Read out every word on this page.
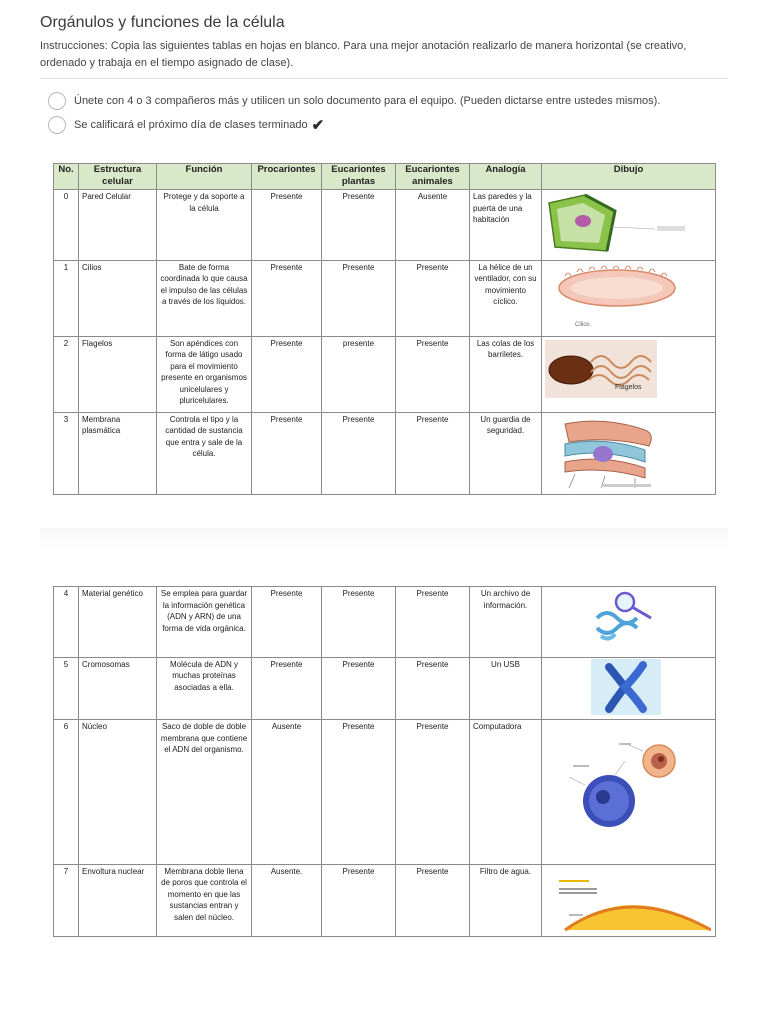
Orgánulos y funciones de la célula
Instrucciones: Copia las siguientes tablas en hojas en blanco. Para una mejor anotación realizarlo de manera horizontal (se creativo, ordenado y trabaja en el tiempo asignado de clase).
Únete con 4 o 3 compañeros más y utilicen un solo documento para el equipo. (Pueden dictarse entre ustedes mismos).
Se calificará el próximo día de clases terminado ✔
No.	Estructura celular	Función	Procariontes	Eucariontes plantas	Eucariontes animales	Analogía	Dibujo
0	Pared Celular	Protege y da soporte a la célula	Presente	Presente	Ausente	Las paredes y la puerta de una habitación	
1	Cilios	Bate de forma coordinada lo que causa el impulso de las células a través de los líquidos.	Presente	Presente	Presente	La hélice de un ventilador, con su movimiento cíclico.	Cilios

2	Flagelos	Son apéndices con forma de látigo usado para el movimiento presente en organismos unicelulares y pluricelulares.	Presente	presente	Presente	Las colas de los barriletes.	Flagelos

3	Membrana plasmática	Controla el tipo y la cantidad de sustancia que entra y sale de la célula.	Presente	Presente	Presente	Un guardia de seguridad.	
4	Material genético	Se emplea para guardar la información genética (ADN y ARN) de una forma de vida orgánica.	Presente	Presente	Presente	Un archivo de información.	
5	Cromosomas	Molécula de ADN y muchas proteínas asociadas a ella.	Presente	Presente	Presente	Un USB	
6	Núcleo	Saco de doble de doble membrana que contiene el ADN del organismo.	Ausente	Presente	Presente	Computadora	
7	Envoltura nuclear	Membrana doble llena de poros que controla el momento en que las sustancias entran y salen del núcleo.	Ausente.	Presente	Presente	Filtro de agua.	
